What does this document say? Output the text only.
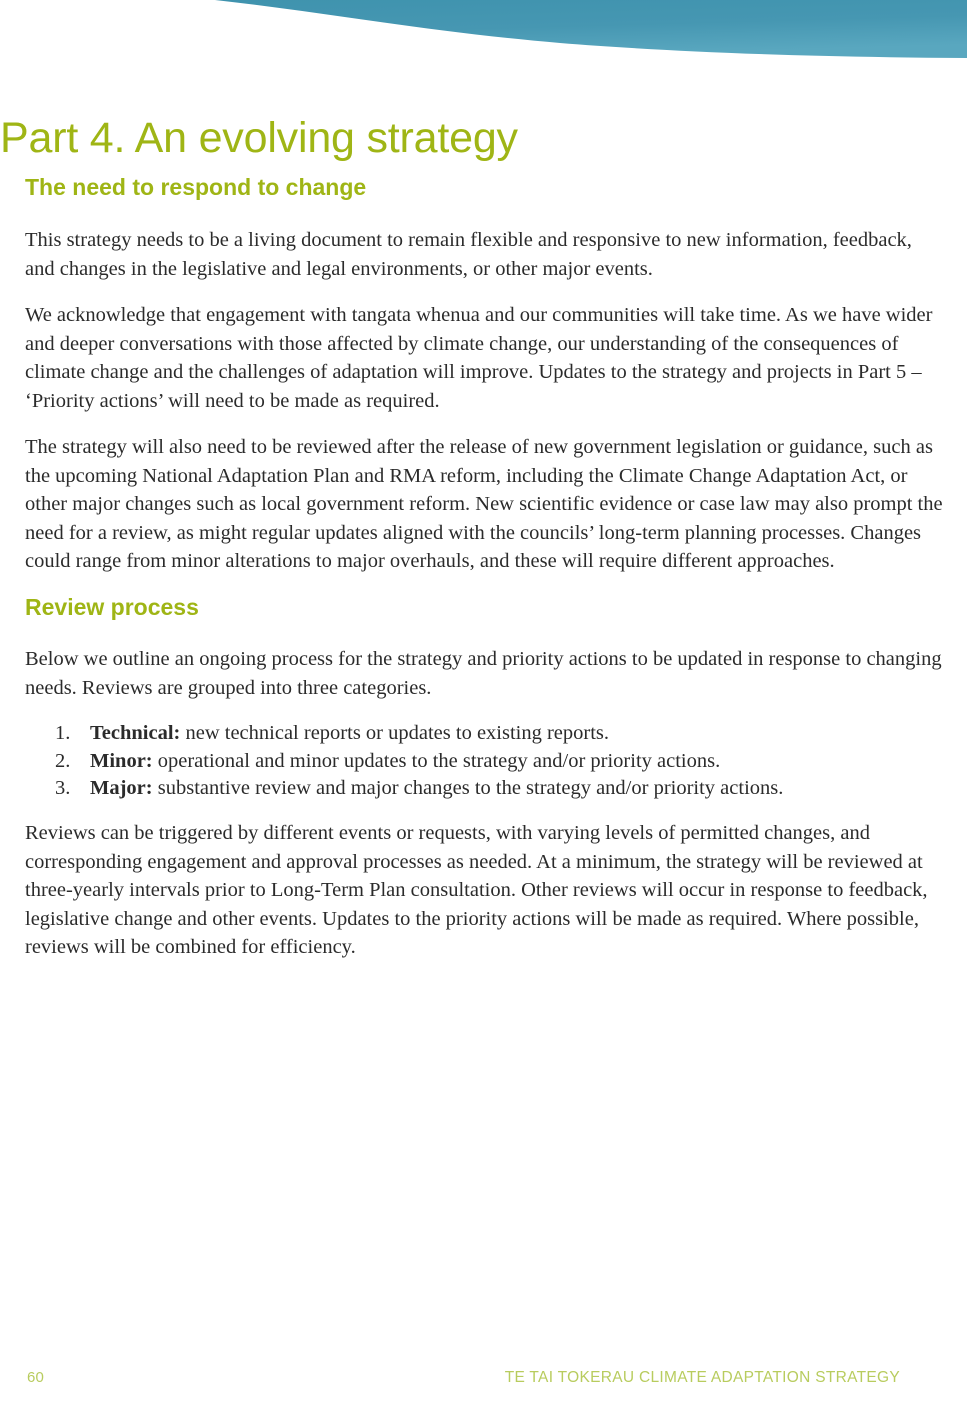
Part 4. An evolving strategy
The need to respond to change

This strategy needs to be a living document to remain flexible and responsive to new information, feedback, and changes in the legislative and legal environments, or other major events.

We acknowledge that engagement with tangata whenua and our communities will take time. As we have wider and deeper conversations with those affected by climate change, our understanding of the consequences of climate change and the challenges of adaptation will improve. Updates to the strategy and projects in Part 5 – ‘Priority actions’ will need to be made as required.

The strategy will also need to be reviewed after the release of new government legislation or guidance, such as the upcoming National Adaptation Plan and RMA reform, including the Climate Change Adaptation Act, or other major changes such as local government reform. New scientific evidence or case law may also prompt the need for a review, as might regular updates aligned with the councils’ long-term planning processes. Changes could range from minor alterations to major overhauls, and these will require different approaches.

Review process

Below we outline an ongoing process for the strategy and priority actions to be updated in response to changing needs. Reviews are grouped into three categories.

1. Technical: new technical reports or updates to existing reports.
2. Minor: operational and minor updates to the strategy and/or priority actions.
3. Major: substantive review and major changes to the strategy and/or priority actions.

Reviews can be triggered by different events or requests, with varying levels of permitted changes, and corresponding engagement and approval processes as needed. At a minimum, the strategy will be reviewed at three-yearly intervals prior to Long-Term Plan consultation. Other reviews will occur in response to feedback, legislative change and other events. Updates to the priority actions will be made as required. Where possible, reviews will be combined for efficiency.

60	TE TAI TOKERAU CLIMATE ADAPTATION STRATEGY
